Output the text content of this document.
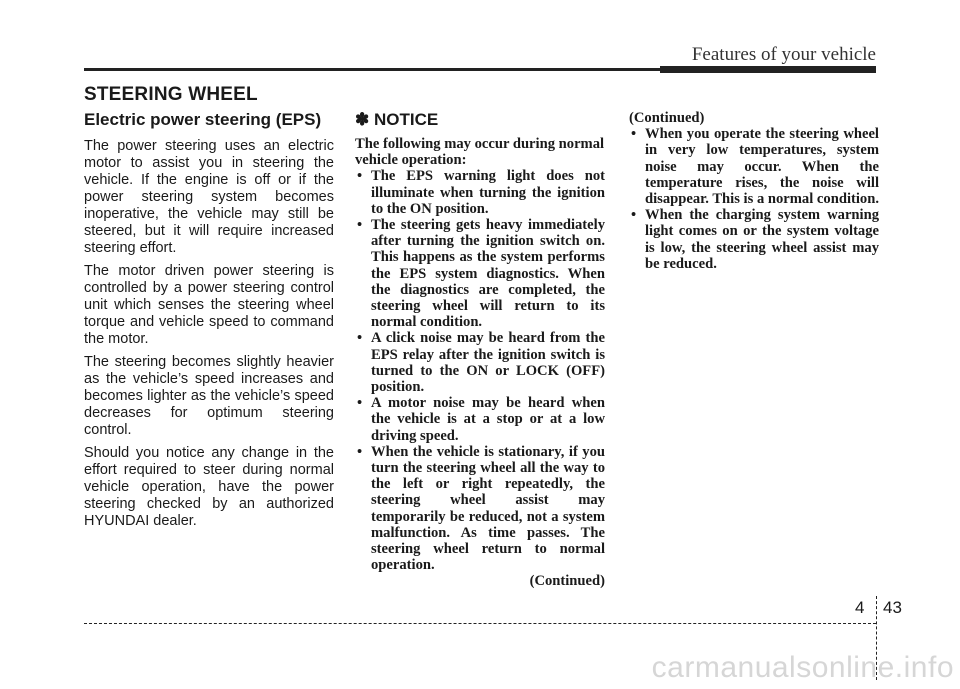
Features of your vehicle
STEERING WHEEL
Electric power steering (EPS)

The power steering uses an electric motor to assist you in steering the vehicle. If the engine is off or if the power steering system becomes inoperative, the vehicle may still be steered, but it will require increased steering effort.

The motor driven power steering is controlled by a power steering control unit which senses the steering wheel torque and vehicle speed to command the motor.

The steering becomes slightly heavier as the vehicle’s speed increases and becomes lighter as the vehicle’s speed decreases for optimum steering control.

Should you notice any change in the effort required to steer during normal vehicle operation, have the power steering checked by an authorized HYUNDAI dealer.

✽ NOTICE

The following may occur during normal vehicle operation:

• The EPS warning light does not illuminate when turning the ignition to the ON position.
• The steering gets heavy immediately after turning the ignition switch on. This happens as the system performs the EPS system diagnostics. When the diagnostics are completed, the steering wheel will return to its normal condition.
• A click noise may be heard from the EPS relay after the ignition switch is turned to the ON or LOCK (OFF) position.
• A motor noise may be heard when the vehicle is at a stop or at a low driving speed.
• When the vehicle is stationary, if you turn the steering wheel all the way to the left or right repeatedly, the steering wheel assist may temporarily be reduced, not a system malfunction. As time passes. The steering wheel return to normal operation.

(Continued)

(Continued)

• When you operate the steering wheel in very low temperatures, system noise may occur. When the temperature rises, the noise will disappear. This is a normal condition.
• When the charging system warning light comes on or the system voltage is low, the steering wheel assist may be reduced.
4 43
carmanualsonline.info
